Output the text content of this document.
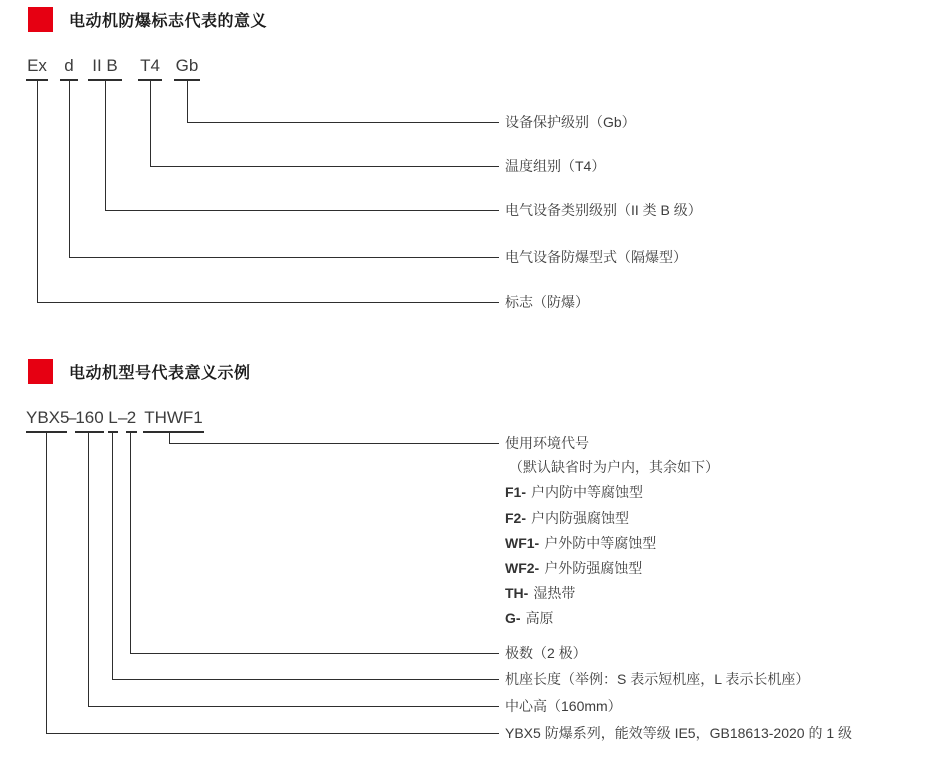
电动机防爆标志代表的意义
Ex d II B T4 Gb
设备保护级别（Gb）
温度组别（T4）
电气设备类别级别（II 类 B 级）
电气设备防爆型式（隔爆型）
标志（防爆）
电动机型号代表意义示例
YBX5
–
160 L – 2 THWF1
使用环境代号
（默认缺省时为户内，其余如下）
F1- 户内防中等腐蚀型
F2- 户内防强腐蚀型
WF1- 户外防中等腐蚀型
WF2- 户外防强腐蚀型
TH- 湿热带
G- 高原
极数（2 极）
机座长度（举例：S 表示短机座，L 表示长机座）
中心高（160mm）
YBX5 防爆系列，能效等级 IE5，GB18613-2020 的 1 级
